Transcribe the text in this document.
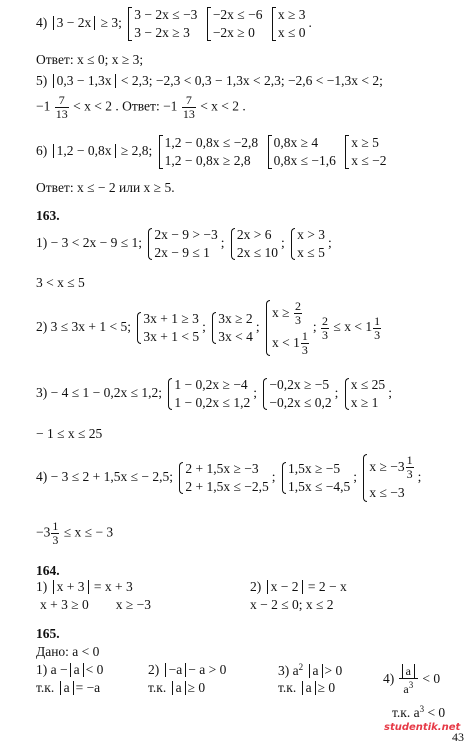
4) 3 − 2x ≥ 3;
3 − 2x ≤ −3
3 − 2x ≥ 3

−2x ≤ −6
−2x ≥ 0

x ≥ 3
x ≤ 0
.
Ответ: x ≤ 0; x ≥ 3;
5) 0,3 − 1,3x < 2,3; −2,3 < 0,3 − 1,3x < 2,3; −2,6 < −1,3x < 2;
$-1 \frac{7}{13} < x < 2$ . Ответ: $-1 \frac{7}{13} < x < 2$ .
6) 1,2 − 0,8x ≥ 2,8;
1,2 − 0,8x ≤ −2,8
1,2 − 0,8x ≥ 2,8

0,8x ≥ 4
0,8x ≤ −1,6

x ≥ 5
x ≤ −2
Ответ: x ≤ − 2 или x ≥ 5.
163.
1) − 3 < 2x − 9 ≤ 1;
2x − 9 > −3
2x − 9 ≤ 1
;
2x > 6
2x ≤ 10
;
x > 3
x ≤ 5
;
3 < x ≤ 5
2) 3 ≤ 3x + 1 < 5;
3x + 1 ≥ 3
3x + 1 < 5
;
3x ≥ 2
3x < 4
;
$x \ge \frac{2}{3}$
$x < 1 \frac{1}{3}$
; $\frac{2}{3} \le x < 1 \frac{1}{3}$
3) − 4 ≤ 1 − 0,2x ≤ 1,2;
1 − 0,2x ≥ −4
1 − 0,2x ≤ 1,2
;
−0,2x ≥ −5
−0,2x ≤ 0,2
;
x ≤ 25
x ≥ 1
;
− 1 ≤ x ≤ 25
4) − 3 ≤ 2 + 1,5x ≤ − 2,5;
2 + 1,5x ≥ −3
2 + 1,5x ≤ −2,5
;
1,5x ≥ −5
1,5x ≤ −4,5
;
$x \ge -3 \frac{1}{3}$
x ≤ −3
;
$-3 \frac{1}{3} \le x$ ≤ − 3
164.
1) x + 3 = x + 3	2) x − 2 = 2 − x
x + 3 ≥ 0        x ≥ −3	x − 2 ≤ 0; x ≤ 2
165.
Дано: a < 0
1) a − a < 0
т.к. a = −a
2) −a − a > 0
т.к. a ≥ 0
3) $a^2$ a > 0
т.к. a ≥ 0
$4) \frac{a}{a^3} < 0$
т.к. $a^3 < 0$
studentik.net
43
